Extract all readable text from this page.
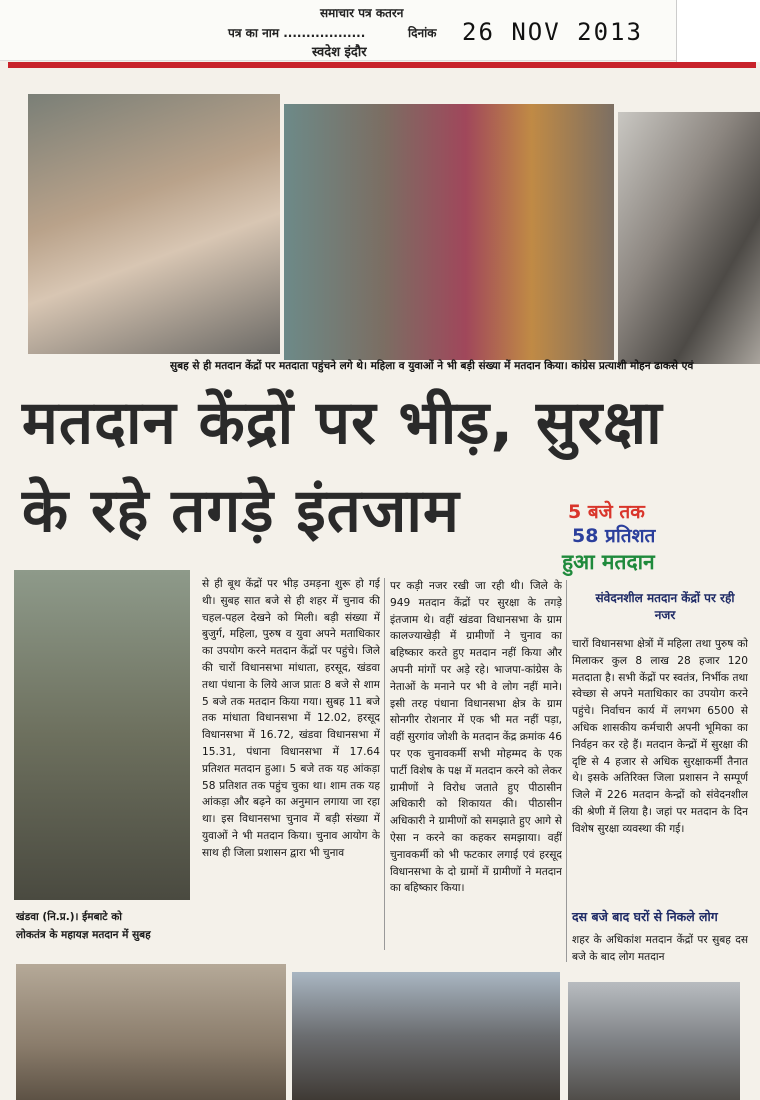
समाचार पत्र कतरन
पत्र का नाम ..................	दिनांक 26 NOV 2013
स्वदेश इंदौर
सुबह से ही मतदान केंद्रों पर मतदाता पहुंचने लगे थे। महिला व युवाओं ने भी बड़ी संख्या में मतदान किया। कांग्रेस प्रत्याशी मोहन ढाकसे एवं
मतदान केंद्रों पर भीड़, सुरक्षा
के रहे तगड़े इंतजाम	5 बजे तक
58 प्रतिशत
हुआ मतदान
खंडवा (नि.प्र.)। ईमबाटे को
लोकतंत्र के महायज्ञ मतदान में सुबह
से ही बूथ केंद्रों पर भीड़ उमड़ना शुरू हो गई थी। सुबह सात बजे से ही शहर में चुनाव की चहल-पहल देखने को मिली। बड़ी संख्या में बुजुर्ग, महिला, पुरुष व युवा अपने मताधिकार का उपयोग करने मतदान केंद्रों पर पहुंचे। जिले की चारों विधानसभा मांधाता, हरसूद, खंडवा तथा पंधाना के लिये आज प्रातः 8 बजे से शाम 5 बजे तक मतदान किया गया। सुबह 11 बजे तक मांधाता विधानसभा में 12.02, हरसूद विधानसभा में 16.72, खंडवा विधानसभा में 15.31, पंधाना विधानसभा में 17.64 प्रतिशत मतदान हुआ। 5 बजे तक यह आंकड़ा 58 प्रतिशत तक पहुंच चुका था। शाम तक यह आंकड़ा और बढ़ने का अनुमान लगाया जा रहा था। इस विधानसभा चुनाव में बड़ी संख्या में युवाओं ने भी मतदान किया। चुनाव आयोग के साथ ही जिला प्रशासन द्वारा भी चुनाव
पर कड़ी नजर रखी जा रही थी। जिले के 949 मतदान केंद्रों पर सुरक्षा के तगड़े इंतजाम थे। वहीं खंडवा विधानसभा के ग्राम कालज्याखेड़ी में ग्रामीणों ने चुनाव का बहिष्कार करते हुए मतदान नहीं किया और अपनी मांगों पर अड़े रहे। भाजपा-कांग्रेस के नेताओं के मनाने पर भी वे लोग नहीं माने। इसी तरह पंधाना विधानसभा क्षेत्र के ग्राम सोनगीर रोशनार में एक भी मत नहीं पड़ा, वहीं सुरगांव जोशी के मतदान केंद्र क्रमांक 46 पर एक चुनावकर्मी सभी मोहम्मद के एक पार्टी विशेष के पक्ष में मतदान करने को लेकर ग्रामीणों ने विरोध जताते हुए पीठासीन अधिकारी को शिकायत की। पीठासीन अधिकारी ने ग्रामीणों को समझाते हुए आगे से ऐसा न करने का कहकर समझाया। वहीं चुनावकर्मी को भी फटकार लगाई एवं हरसूद विधानसभा के दो ग्रामों में ग्रामीणों ने मतदान का बहिष्कार किया।
संवेदनशील मतदान केंद्रों पर रही नजर
चारों विधानसभा क्षेत्रों में महिला तथा पुरुष को मिलाकर कुल 8 लाख 28 हजार 120 मतदाता है। सभी केंद्रों पर स्वतंत्र, निर्भीक तथा स्वेच्छा से अपने मताधिकार का उपयोग करने पहुंचे। निर्वाचन कार्य में लगभग 6500 से अधिक शासकीय कर्मचारी अपनी भूमिका का निर्वहन कर रहे हैं। मतदान केन्द्रों में सुरक्षा की दृष्टि से 4 हजार से अधिक सुरक्षाकर्मी तैनात थे। इसके अतिरिक्त जिला प्रशासन ने सम्पूर्ण जिले में 226 मतदान केन्द्रों को संवेदनशील की श्रेणी में लिया है। जहां पर मतदान के दिन विशेष सुरक्षा व्यवस्था की गई।
दस बजे बाद घरों से निकले लोग
शहर के अधिकांश मतदान केंद्रों पर सुबह दस बजे के बाद लोग मतदान
